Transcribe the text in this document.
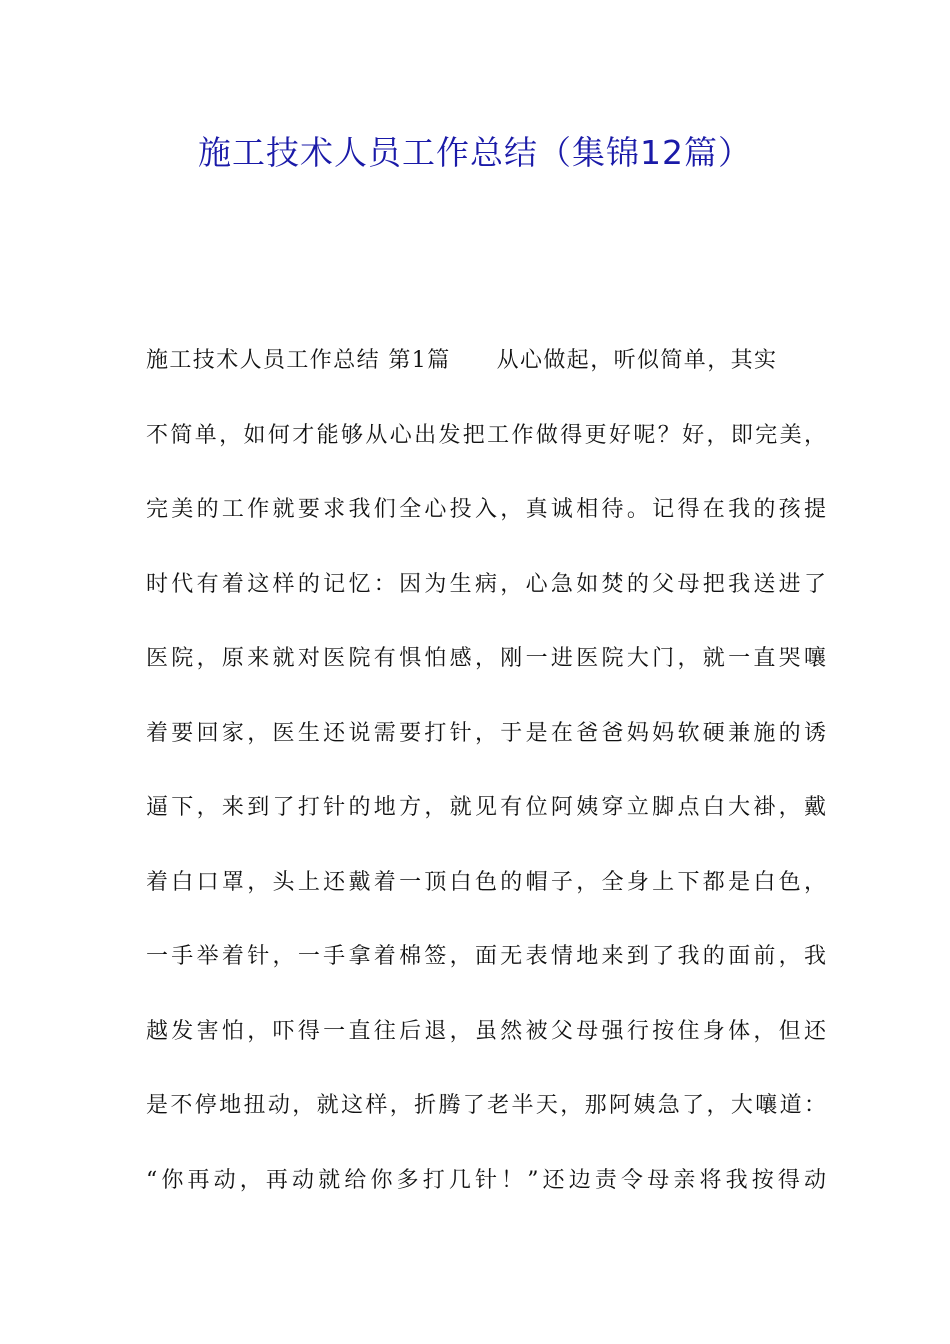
施工技术人员工作总结（集锦12篇）
施工技术人员工作总结 第1篇 从心做起，听似简单，其实
不简单，如何才能够从心出发把工作做得更好呢？好，即完美，
完美的工作就要求我们全心投入，真诚相待。记得在我的孩提
时代有着这样的记忆：因为生病，心急如焚的父母把我送进了
医院，原来就对医院有惧怕感，刚一进医院大门，就一直哭嚷
着要回家，医生还说需要打针，于是在爸爸妈妈软硬兼施的诱
逼下，来到了打针的地方，就见有位阿姨穿立脚点白大褂，戴
着白口罩，头上还戴着一顶白色的帽子，全身上下都是白色，
一手举着针，一手拿着棉签，面无表情地来到了我的面前，我
越发害怕，吓得一直往后退，虽然被父母强行按住身体，但还
是不停地扭动，就这样，折腾了老半天，那阿姨急了，大嚷道：
“你再动，再动就给你多打几针！”还边责令母亲将我按得动
